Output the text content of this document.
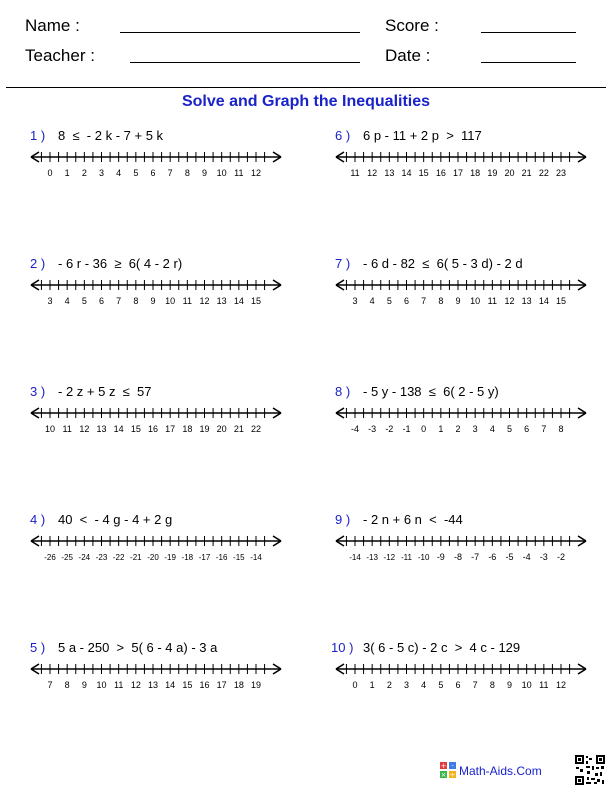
Name :	Score :
Teacher :	Date :
Solve and Graph the Inequalities
1 ) 8  ≤  - 2 k - 7 + 5 k
0 1 2 3 4 5 6 7 8 9 10 11 12
6 ) 6 p - 11 + 2 p  >  117
11 12 13 14 15 16 17 18 19 20 21 22 23
2 ) - 6 r - 36  ≥  6( 4 - 2 r)
3 4 5 6 7 8 9 10 11 12 13 14 15
7 ) - 6 d - 82  ≤  6( 5 - 3 d) - 2 d
3 4 5 6 7 8 9 10 11 12 13 14 15
3 ) - 2 z + 5 z  ≤  57
10 11 12 13 14 15 16 17 18 19 20 21 22
8 ) - 5 y - 138  ≤  6( 2 - 5 y)
-4 -3 -2 -1 0 1 2 3 4 5 6 7 8
4 ) 40  <  - 4 g - 4 + 2 g
-26 -25 -24 -23 -22 -21 -20 -19 -18 -17 -16 -15 -14
9 ) - 2 n + 6 n  <  -44
-14 -13 -12 -11 -10 -9 -8 -7 -6 -5 -4 -3 -2
5 ) 5 a - 250  >  5( 6 - 4 a) - 3 a
7 8 9 10 11 12 13 14 15 16 17 18 19
10 ) 3( 6 - 5 c) - 2 c  >  4 c - 129
0 1 2 3 4 5 6 7 8 9 10 11 12
+ -
× ÷ Math-Aids.Com
